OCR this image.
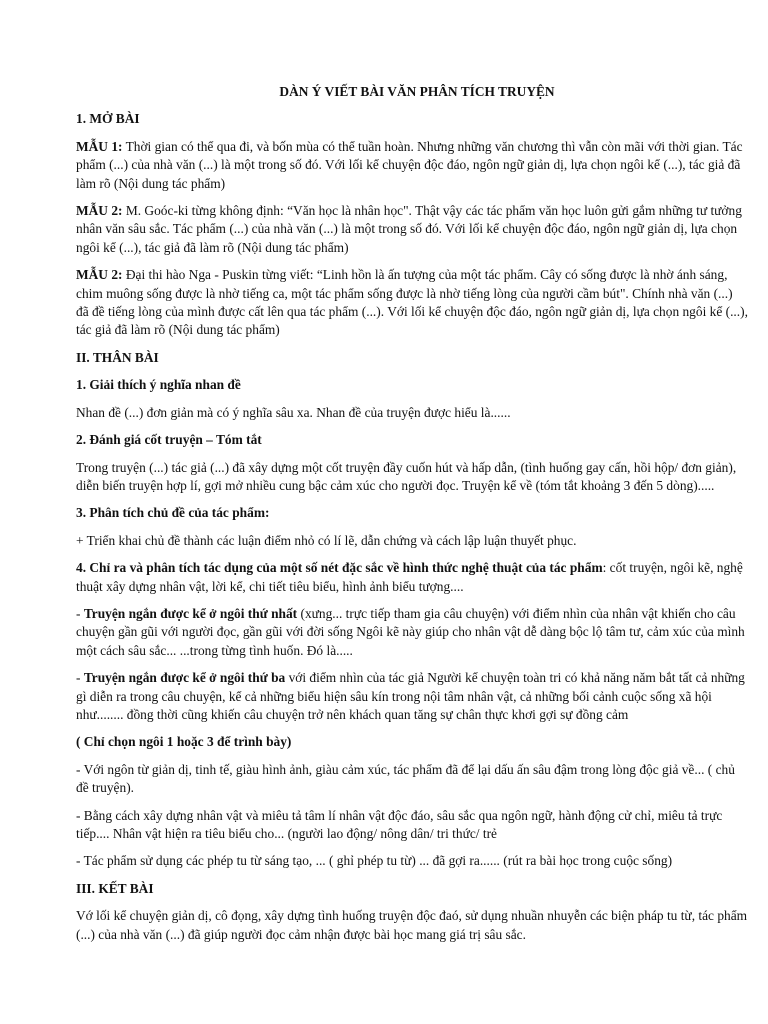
DÀN Ý VIẾT BÀI VĂN PHÂN TÍCH TRUYỆN
1. MỞ BÀI
MẪU 1: Thời gian có thể qua đi, và bốn mùa có thể tuần hoàn. Nhưng những văn chương thì vẫn còn mãi với thời gian. Tác phẩm (...) của nhà văn (...) là một trong số đó. Với lối kể chuyện độc đáo, ngôn ngữ giản dị, lựa chọn ngôi kể (...), tác giả đã làm rõ (Nội dung tác phẩm)
MẪU 2: M. Goóc-ki từng không định: “Văn học là nhân học". Thật vậy các tác phẩm văn học luôn gửi gắm những tư tưởng nhân văn sâu sắc. Tác phẩm (...) của nhà văn (...) là một trong số đó. Với lối kể chuyện độc đáo, ngôn ngữ giản dị, lựa chọn ngôi kể (...), tác giả đã làm rõ (Nội dung tác phẩm)
MẪU 2: Đại thi hào Nga - Puskin từng viết: “Linh hồn là ấn tượng của một tác phẩm. Cây có sống được là nhờ ánh sáng, chim muông sống được là nhờ tiếng ca, một tác phẩm sống được là nhờ tiếng lòng của người cầm bút". Chính nhà văn (...) đã đề tiếng lòng của mình được cất lên qua tác phẩm (...). Với lối kể chuyện độc đáo, ngôn ngữ giản dị, lựa chọn ngôi kể (...), tác giả đã làm rõ (Nội dung tác phẩm)
II. THÂN BÀI
1. Giải thích ý nghĩa nhan đề
Nhan đề (...) đơn giản mà có ý nghĩa sâu xa. Nhan đề của truyện được hiểu là......
2. Đánh giá cốt truyện – Tóm tắt
Trong truyện (...) tác giả (...) đã xây dựng một cốt truyện đầy cuốn hút và hấp dẫn, (tình huống gay cấn, hồi hộp/ đơn giản), diễn biến truyện hợp lí, gợi mở nhiều cung bậc cảm xúc cho người đọc. Truyện kể về (tóm tắt khoảng 3 đến 5 dòng).....
3. Phân tích chủ đề của tác phẩm:
+ Triển khai chủ đề thành các luận điểm nhỏ có lí lẽ, dẫn chứng và cách lập luận thuyết phục.
4. Chỉ ra và phân tích tác dụng của một số nét đặc sắc về hình thức nghệ thuật của tác phẩm: cốt truyện, ngôi kẽ, nghệ thuật xây dựng nhân vật, lời kể, chi tiết tiêu biểu, hình ảnh biểu tượng....
- Truyện ngắn được kể ở ngôi thứ nhất (xưng... trực tiếp tham gia câu chuyện) với điểm nhìn của nhân vật khiến cho câu chuyện gần gũi với người đọc, gần gũi với đời sống Ngôi kẽ này giúp cho nhân vật dễ dàng bộc lộ tâm tư, cảm xúc của mình một cách sâu sắc... ...trong từng tình huốn. Đó là.....
- Truyện ngắn được kể ở ngôi thứ ba với điểm nhìn của tác giả Người kể chuyện toàn tri có khả năng năm bắt tất cả những gì diễn ra trong câu chuyện, kể cả những biểu hiện sâu kín trong nội tâm nhân vật, cả những bối cảnh cuộc sống xã hội như........ đồng thời cũng khiến câu chuyện trở nên khách quan tăng sự chân thực khơi gợi sự đồng cảm
( Chỉ chọn ngôi 1 hoặc 3 để trình bày)
- Với ngôn từ giản dị, tinh tế, giàu hình ảnh, giàu cảm xúc, tác phẩm đã để lại dấu ấn sâu đậm trong lòng độc giả về... ( chủ đề truyện).
- Bằng cách xây dựng nhân vật và miêu tả tâm lí nhân vật độc đáo, sâu sắc qua ngôn ngữ, hành động cử chỉ, miêu tả trực tiếp.... Nhân vật hiện ra tiêu biểu cho... (người lao động/ nông dân/ tri thức/ trẻ
- Tác phẩm sử dụng các phép tu từ sáng tạo, ... ( ghỉ phép tu từ) ... đã gợi ra...... (rút ra bài học trong cuộc sống)
III. KẾT BÀI
Vớ lối kể chuyện giản dị, cô đọng, xây dựng tình huống truyện độc đaó, sử dụng nhuần nhuyễn các biện pháp tu từ, tác phẩm (...) của nhà văn (...) đã giúp người đọc cảm nhận được bài học mang giá trị sâu sắc.
